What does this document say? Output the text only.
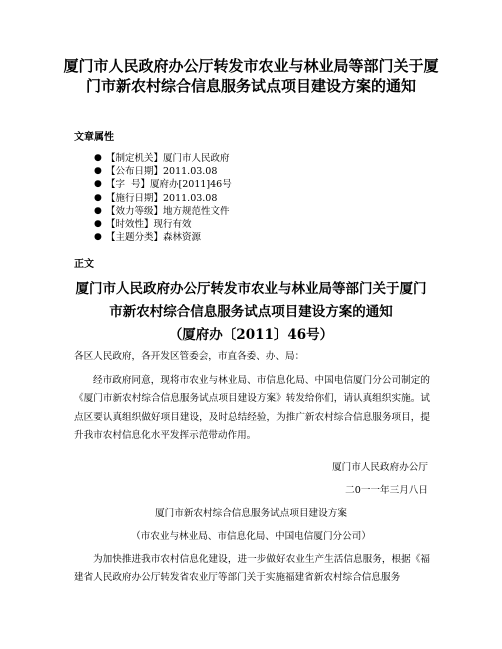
厦门市人民政府办公厅转发市农业与林业局等部门关于厦门市新农村综合信息服务试点项目建设方案的通知
文章属性
● 【制定机关】厦门市人民政府
● 【公布日期】2011.03.08
● 【字  号】厦府办[2011]46号
● 【施行日期】2011.03.08
● 【效力等级】地方规范性文件
● 【时效性】现行有效
● 【主题分类】森林资源
正文
厦门市人民政府办公厅转发市农业与林业局等部门关于厦门
市新农村综合信息服务试点项目建设方案的通知
（厦府办〔2011〕46号）
各区人民政府，各开发区管委会，市直各委、办、局：
经市政府同意，现将市农业与林业局、市信息化局、中国电信厦门分公司制定的《厦门市新农村综合信息服务试点项目建设方案》转发给你们，请认真组织实施。试点区要认真组织做好项目建设，及时总结经验，为推广新农村综合信息服务项目，提升我市农村信息化水平发挥示范带动作用。
厦门市人民政府办公厅
二0一一年三月八日
厦门市新农村综合信息服务试点项目建设方案
（市农业与林业局、市信息化局、中国电信厦门分公司）
为加快推进我市农村信息化建设，进一步做好农业生产生活信息服务，根据《福建省人民政府办公厅转发省农业厅等部门关于实施福建省新农村综合信息服务
